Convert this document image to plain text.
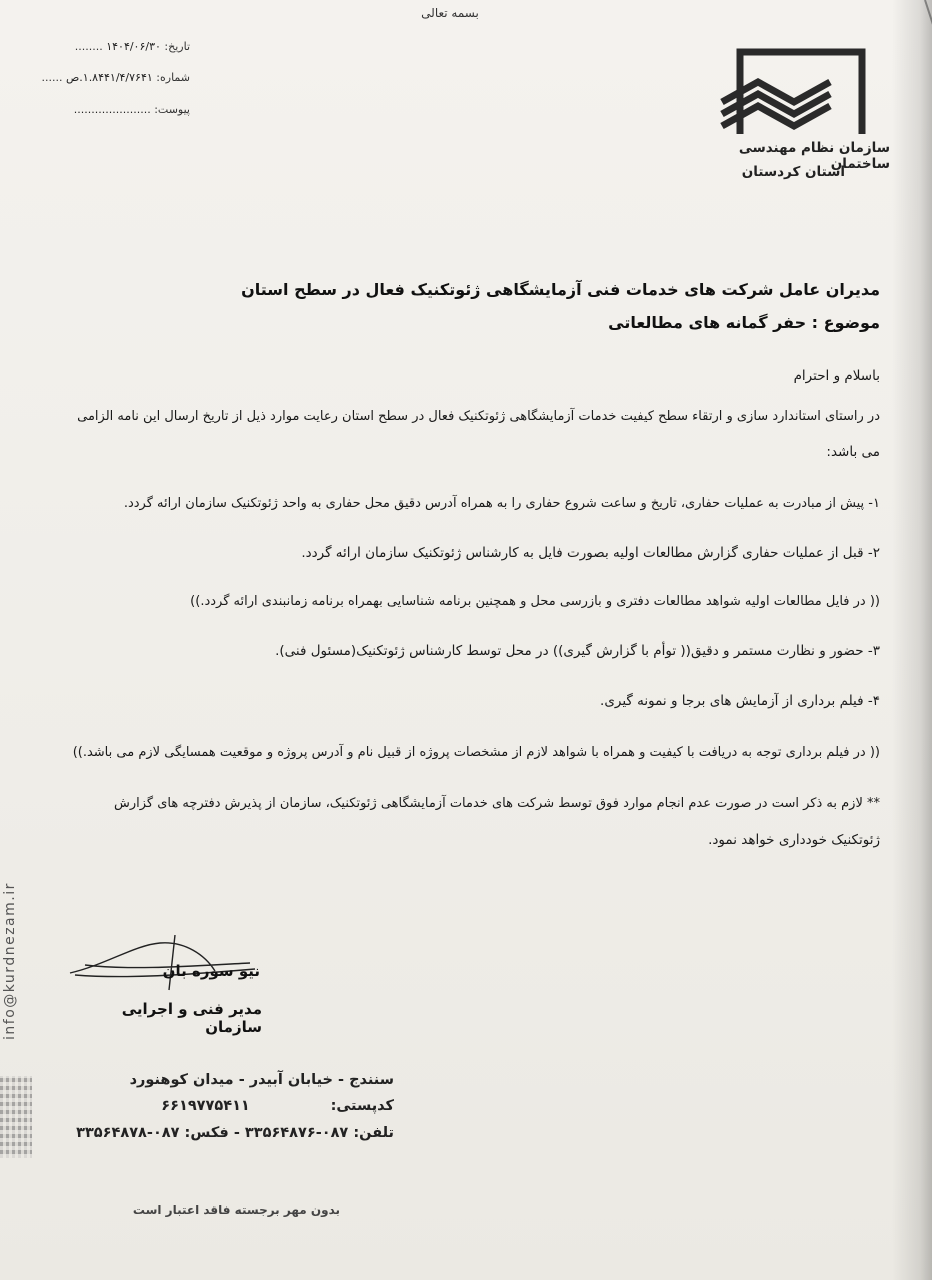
بسمه تعالی
تاریخ: ۱۴۰۴/۰۶/۳۰ ........
شماره: ۱.۸۴۴۱/۴/۷۶۴۱.ص ......
پیوست: ......................
سازمان نظام مهندسی ساختمان
استان کردستان
مدیران عامل شرکت های خدمات فنی آزمایشگاهی ژئوتکنیک فعال در سطح استان
موضوع : حفر گمانه های مطالعاتی
باسلام و احترام
در راستای استاندارد سازی و ارتقاء سطح کیفیت خدمات آزمایشگاهی ژئوتکنیک فعال در سطح استان رعایت موارد ذیل از تاریخ ارسال این نامه الزامی
می باشد:
۱- پیش از مبادرت به عملیات حفاری، تاریخ و ساعت شروع حفاری را به همراه آدرس دقیق محل حفاری به واحد ژئوتکنیک سازمان ارائه گردد.
۲- قبل از عملیات حفاری گزارش مطالعات اولیه بصورت فایل به کارشناس ژئوتکنیک سازمان ارائه گردد.
(( در فایل مطالعات اولیه شواهد مطالعات دفتری و بازرسی محل و همچنین برنامه شناسایی بهمراه برنامه زمانبندی ارائه گردد.))
۳- حضور و نظارت مستمر و دقیق(( توأم با گزارش گیری)) در محل توسط کارشناس ژئوتکنیک(مسئول فنی).
۴- فیلم برداری از آزمایش های برجا و نمونه گیری.
(( در فیلم برداری توجه به دریافت با کیفیت و همراه با شواهد لازم از مشخصات پروژه از قبیل نام و آدرس پروژه و موقعیت همسایگی لازم می باشد.))
** لازم به ذکر است در صورت عدم انجام موارد فوق توسط شرکت های خدمات آزمایشگاهی ژئوتکنیک، سازمان از پذیرش دفترچه های گزارش
ژئوتکنیک خودداری خواهد نمود.
نیو سوره بان
مدیر فنی و اجرایی سازمان
info@kurdnezam.ir
سنندج - خیابان آبیدر - میدان کوهنورد
کدپستی:                ۶۶۱۹۷۷۵۴۱۱
تلفن: ۰۸۷-۳۳۵۶۴۸۷۶ - فکس: ۰۸۷-۳۳۵۶۴۸۷۸
بدون مهر برجسته فاقد اعتبار است
